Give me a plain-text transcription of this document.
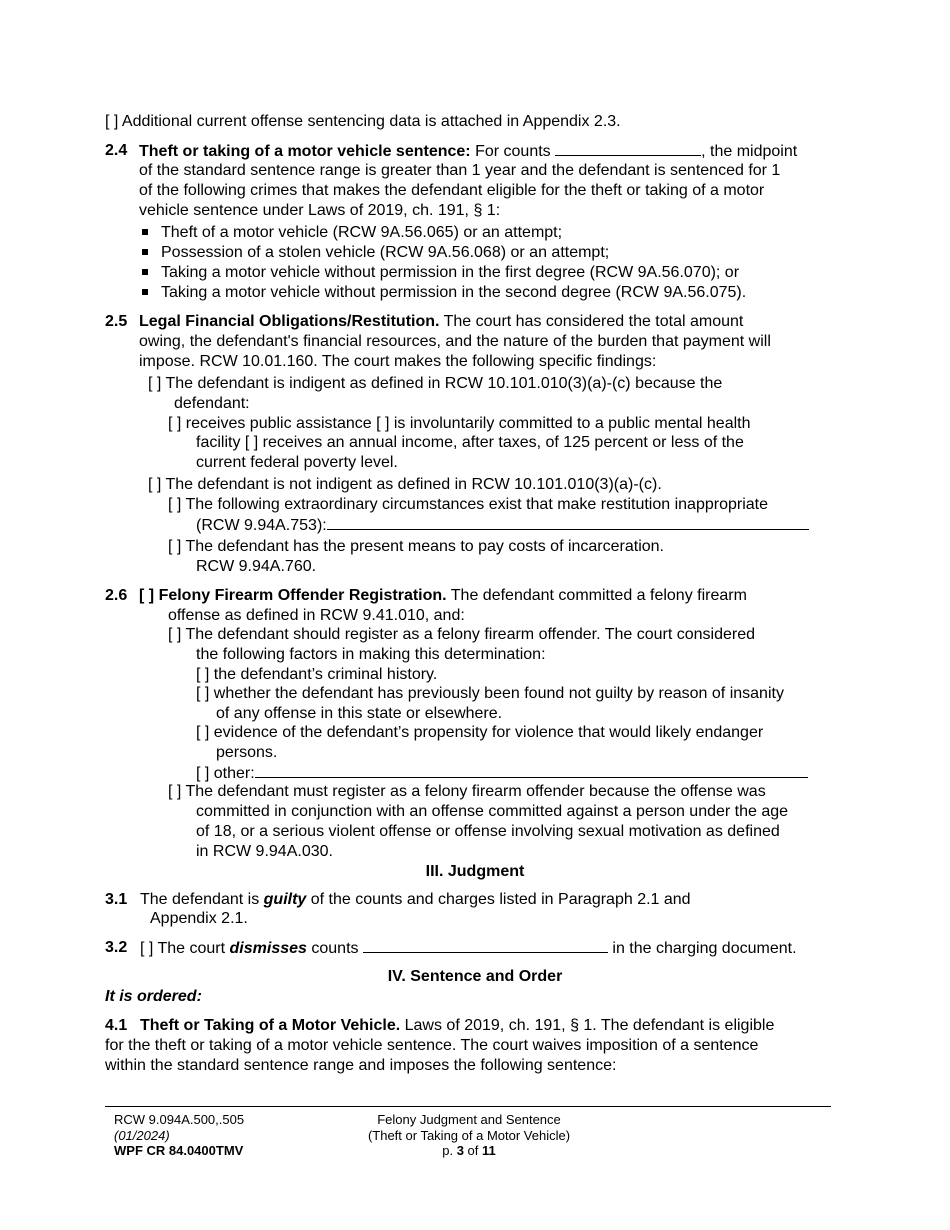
[ ] Additional current offense sentencing data is attached in Appendix 2.3.
2.4 Theft or taking of a motor vehicle sentence: For counts	, the midpoint
of the standard sentence range is greater than 1 year and the defendant is sentenced for 1
of the following crimes that makes the defendant eligible for the theft or taking of a motor
vehicle sentence under Laws of 2019, ch. 191, § 1:
Theft of a motor vehicle (RCW 9A.56.065) or an attempt;
Possession of a stolen vehicle (RCW 9A.56.068) or an attempt;
Taking a motor vehicle without permission in the first degree (RCW 9A.56.070); or
Taking a motor vehicle without permission in the second degree (RCW 9A.56.075).
2.5 Legal Financial Obligations/Restitution. The court has considered the total amount
owing, the defendant's financial resources, and the nature of the burden that payment will
impose. RCW 10.01.160. The court makes the following specific findings:
[ ] The defendant is indigent as defined in RCW 10.101.010(3)(a)-(c) because the
defendant:
[ ] receives public assistance [ ] is involuntarily committed to a public mental health
facility [ ] receives an annual income, after taxes, of 125 percent or less of the
current federal poverty level.
[ ] The defendant is not indigent as defined in RCW 10.101.010(3)(a)-(c).
[ ] The following extraordinary circumstances exist that make restitution inappropriate
(RCW 9.94A.753):
[ ] The defendant has the present means to pay costs of incarceration.
RCW 9.94A.760.
2.6 [ ] Felony Firearm Offender Registration. The defendant committed a felony firearm
offense as defined in RCW 9.41.010, and:
[ ] The defendant should register as a felony firearm offender. The court considered
the following factors in making this determination:
[ ] the defendant’s criminal history.
[ ] whether the defendant has previously been found not guilty by reason of insanity
of any offense in this state or elsewhere.
[ ] evidence of the defendant’s propensity for violence that would likely endanger
persons.
[ ] other:
[ ] The defendant must register as a felony firearm offender because the offense was
committed in conjunction with an offense committed against a person under the age
of 18, or a serious violent offense or offense involving sexual motivation as defined
in RCW 9.94A.030.
III. Judgment
3.1 The defendant is guilty of the counts and charges listed in Paragraph 2.1 and
Appendix 2.1.
3.2 [ ] The court dismisses counts	in the charging document.
IV. Sentence and Order
It is ordered:
4.1 Theft or Taking of a Motor Vehicle. Laws of 2019, ch. 191, § 1. The defendant is eligible
for the theft or taking of a motor vehicle sentence. The court waives imposition of a sentence
within the standard sentence range and imposes the following sentence:
RCW 9.094A.500,.505
(01/2024)
WPF CR 84.0400TMV
Felony Judgment and Sentence
(Theft or Taking of a Motor Vehicle)
p. 3 of 11
